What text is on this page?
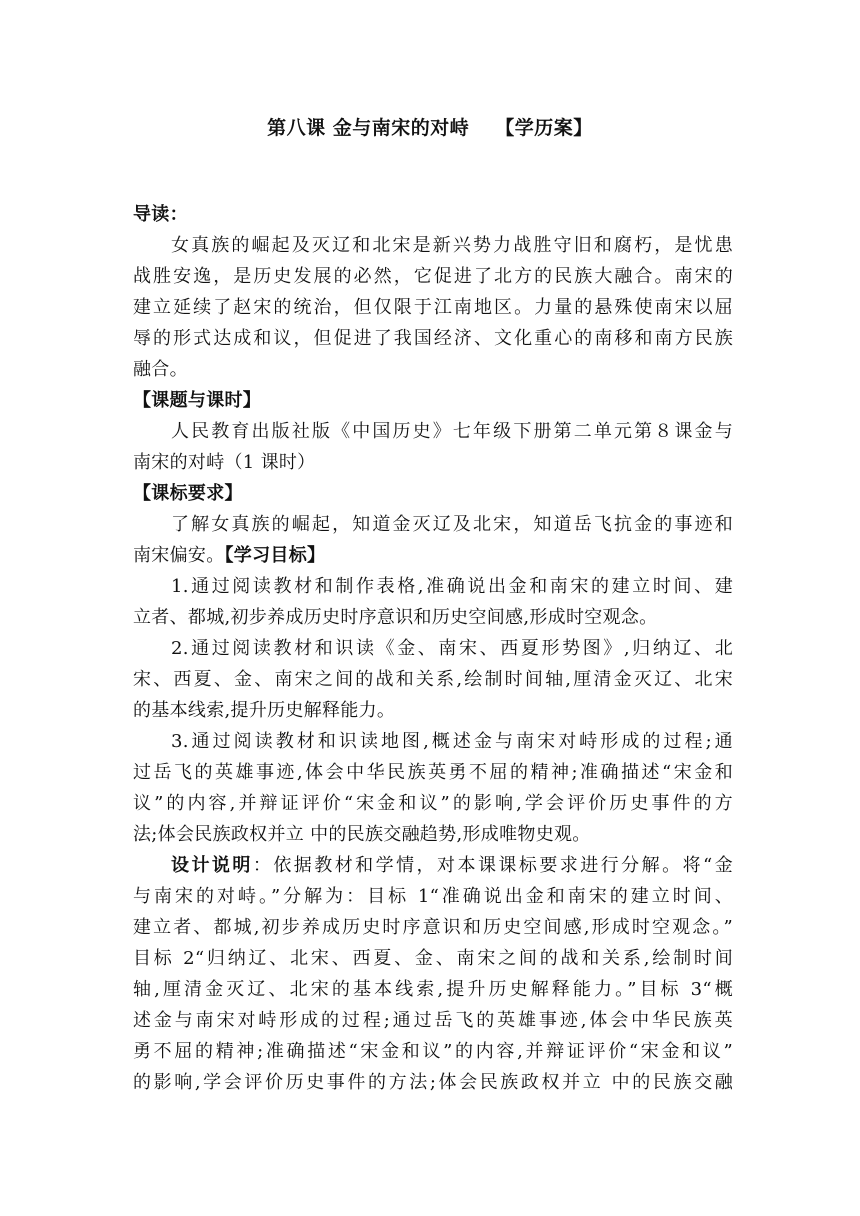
第八课 金与南宋的对峙 【学历案】
导读：
女真族的崛起及灭辽和北宋是新兴势力战胜守旧和腐朽，是忧患
战胜安逸，是历史发展的必然，它促进了北方的民族大融合。南宋的
建立延续了赵宋的统治，但仅限于江南地区。力量的悬殊使南宋以屈
辱的形式达成和议，但促进了我国经济、文化重心的南移和南方民族
融合。
【课题与课时】
人民教育出版社版《中国历史》七年级下册第二单元第８课金与
南宋的对峙（1 课时）
【课标要求】
了解女真族的崛起，知道金灭辽及北宋，知道岳飞抗金的事迹和
南宋偏安。【学习目标】
1.通过阅读教材和制作表格,准确说出金和南宋的建立时间、建
立者、都城,初步养成历史时序意识和历史空间感,形成时空观念。
2.通过阅读教材和识读《金、南宋、西夏形势图》,归纳辽、北
宋、西夏、金、南宋之间的战和关系,绘制时间轴,厘清金灭辽、北宋
的基本线索,提升历史解释能力。
3.通过阅读教材和识读地图,概述金与南宋对峙形成的过程;通
过岳飞的英雄事迹,体会中华民族英勇不屈的精神;准确描述“宋金和
议”的内容,并辩证评价“宋金和议”的影响,学会评价历史事件的方
法;体会民族政权并立 中的民族交融趋势,形成唯物史观。
设计说明：依据教材和学情，对本课课标要求进行分解。将“金
与南宋的对峙。”分解为：目标 1“准确说出金和南宋的建立时间、
建立者、都城,初步养成历史时序意识和历史空间感,形成时空观念。”
目标 2“归纳辽、北宋、西夏、金、南宋之间的战和关系,绘制时间
轴,厘清金灭辽、北宋的基本线索,提升历史解释能力。”目标 3“概
述金与南宋对峙形成的过程;通过岳飞的英雄事迹,体会中华民族英
勇不屈的精神;准确描述“宋金和议”的内容,并辩证评价“宋金和议”
的影响,学会评价历史事件的方法;体会民族政权并立 中的民族交融
